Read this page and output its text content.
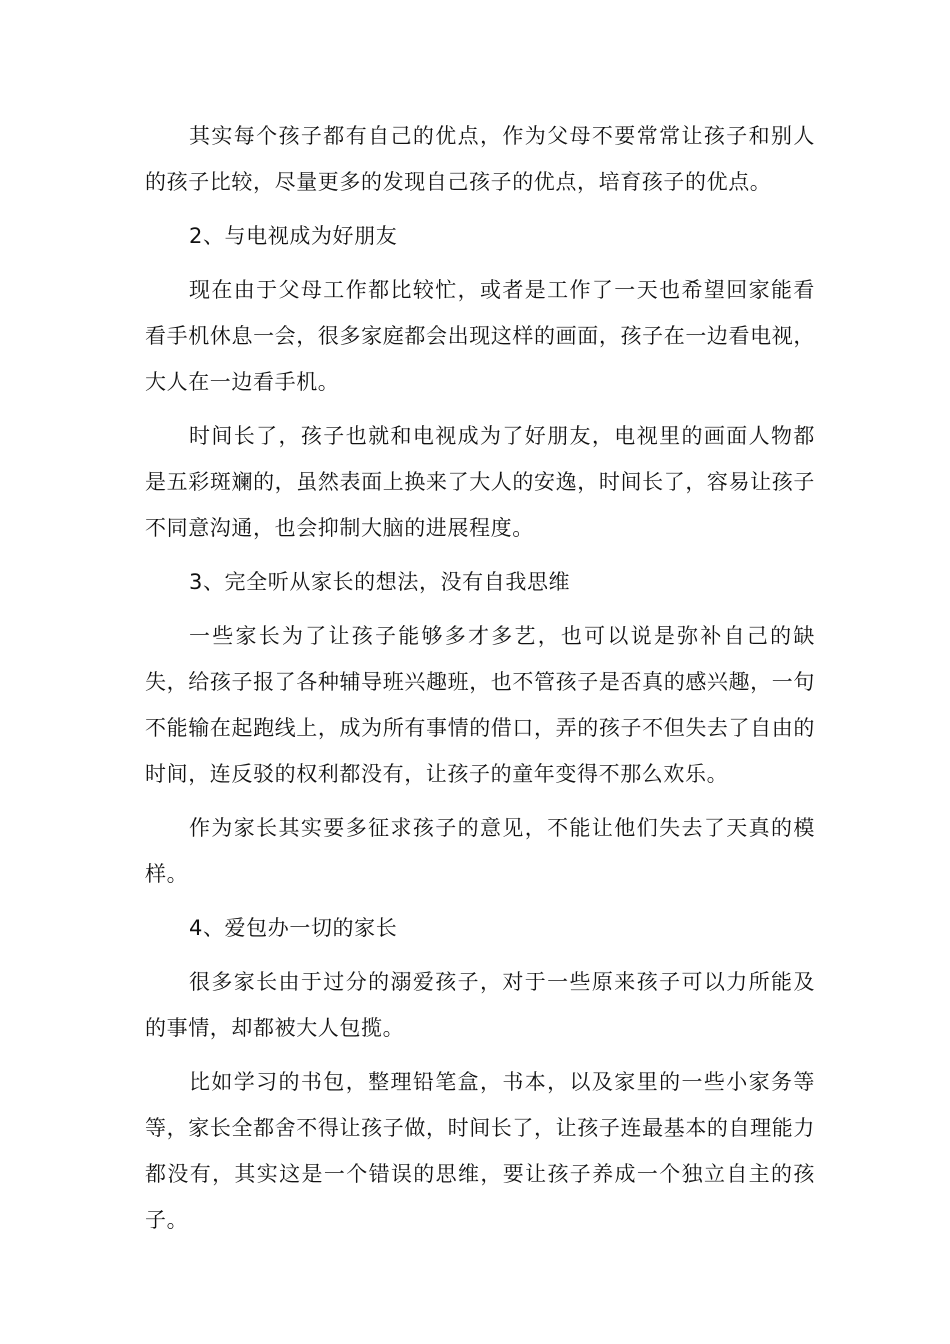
其实每个孩子都有自己的优点，作为父母不要常常让孩子和别人的孩子比较，尽量更多的发现自己孩子的优点，培育孩子的优点。

2、与电视成为好朋友

现在由于父母工作都比较忙，或者是工作了一天也希望回家能看看手机休息一会，很多家庭都会出现这样的画面，孩子在一边看电视，大人在一边看手机。

时间长了，孩子也就和电视成为了好朋友，电视里的画面人物都是五彩斑斓的，虽然表面上换来了大人的安逸，时间长了，容易让孩子不同意沟通，也会抑制大脑的进展程度。

3、完全听从家长的想法，没有自我思维

一些家长为了让孩子能够多才多艺，也可以说是弥补自己的缺失，给孩子报了各种辅导班兴趣班，也不管孩子是否真的感兴趣，一句不能输在起跑线上，成为所有事情的借口，弄的孩子不但失去了自由的时间，连反驳的权利都没有，让孩子的童年变得不那么欢乐。

作为家长其实要多征求孩子的意见，不能让他们失去了天真的模样。

4、爱包办一切的家长

很多家长由于过分的溺爱孩子，对于一些原来孩子可以力所能及的事情，却都被大人包揽。

比如学习的书包，整理铅笔盒，书本，以及家里的一些小家务等等，家长全都舍不得让孩子做，时间长了，让孩子连最基本的自理能力都没有，其实这是一个错误的思维，要让孩子养成一个独立自主的孩子。
